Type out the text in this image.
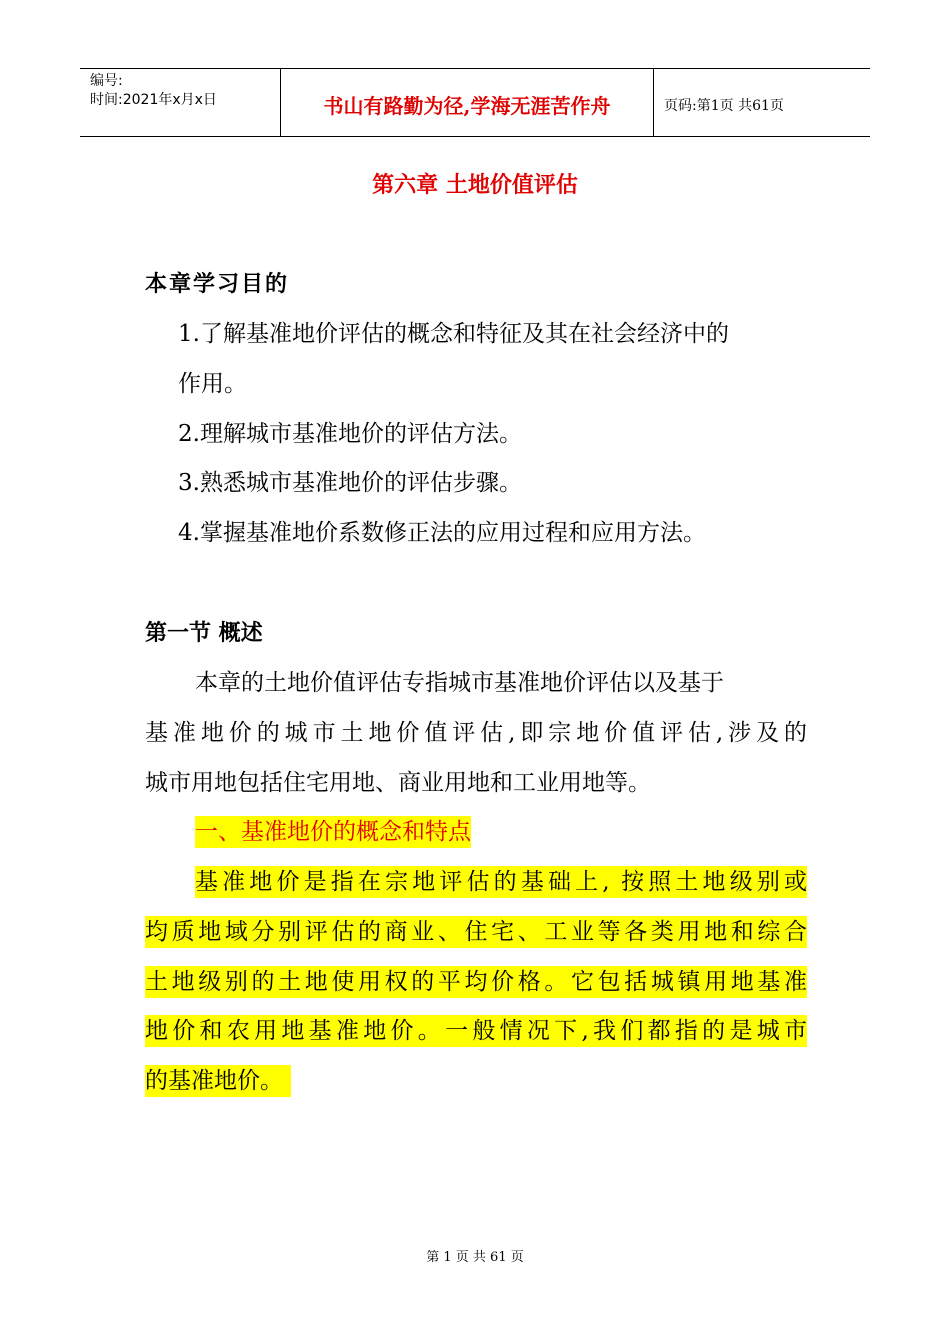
编号:
时间:2021年x月x日	书山有路勤为径,学海无涯苦作舟	页码:第1页 共61页
第六章 土地价值评估
本章学习目的
1.了解基准地价评估的概念和特征及其在社会经济中的
作用。
2.理解城市基准地价的评估方法。
3.熟悉城市基准地价的评估步骤。
4.掌握基准地价系数修正法的应用过程和应用方法。
第一节 概述
本章的土地价值评估专指城市基准地价评估以及基于
基准地价的城市土地价值评估,即宗地价值评估,涉及的
城市用地包括住宅用地、商业用地和工业用地等。
一、基准地价的概念和特点
基准地价是指在宗地评估的基础上, 按照土地级别或
均质地域分别评估的商业、住宅、工业等各类用地和综合
土地级别的土地使用权的平均价格。它包括城镇用地基准
地价和农用地基准地价。一般情况下,我们都指的是城市
的基准地价。
第 1 页 共 61 页
